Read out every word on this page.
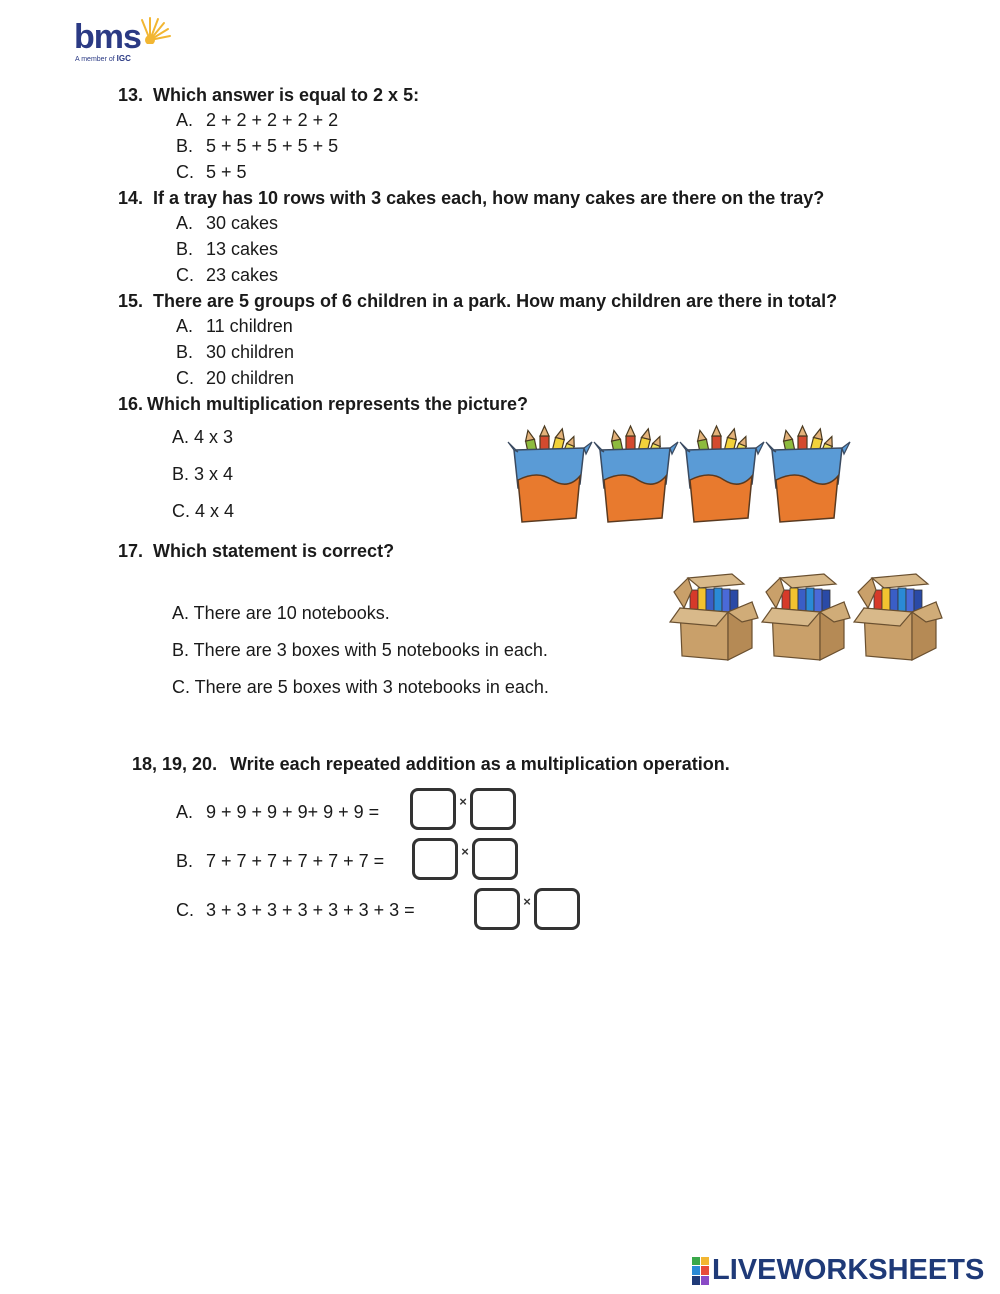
bms
A member of IGC
13. Which answer is equal to 2 x 5:
A. 2 + 2 + 2 + 2 + 2
B. 5 + 5 + 5 + 5 + 5
C. 5 + 5
14. If a tray has 10 rows with 3 cakes each, how many cakes are there on the tray?
A. 30 cakes
B. 13 cakes
C. 23 cakes
15. There are 5 groups of 6 children in a park. How many children are there in total?
A. 11 children
B. 30 children
C. 20 children
16. Which multiplication represents the picture?
A. 4 x 3
B. 3 x 4
C. 4 x 4
17. Which statement is correct?
A. There are 10 notebooks.
B. There are 3 boxes with 5 notebooks in each.
C. There are 5 boxes with 3 notebooks in each.
18, 19, 20. Write each repeated addition as a multiplication operation.
A. 9 + 9 + 9 + 9+ 9 + 9 =
×
B. 7 + 7 + 7 + 7 + 7 + 7 =	×
C. 3 + 3 + 3 + 3 + 3 + 3 + 3 =	×
LIVEWORKSHEETS
